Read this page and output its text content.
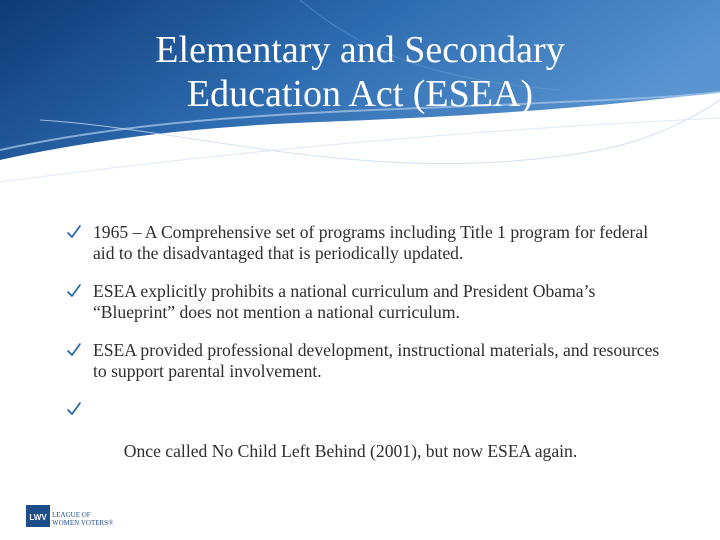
Elementary and Secondary
Education Act (ESEA)
1965 – A Comprehensive set of programs including Title 1 program for federal aid to the disadvantaged that is periodically updated.
ESEA explicitly prohibits a national curriculum and President Obama’s “Blueprint” does not mention a national curriculum.
ESEA provided professional development, instructional materials, and resources to support parental involvement.

Once called No Child Left Behind (2001), but now ESEA again.

LWV LEAGUE OF
WOMEN VOTERS®
